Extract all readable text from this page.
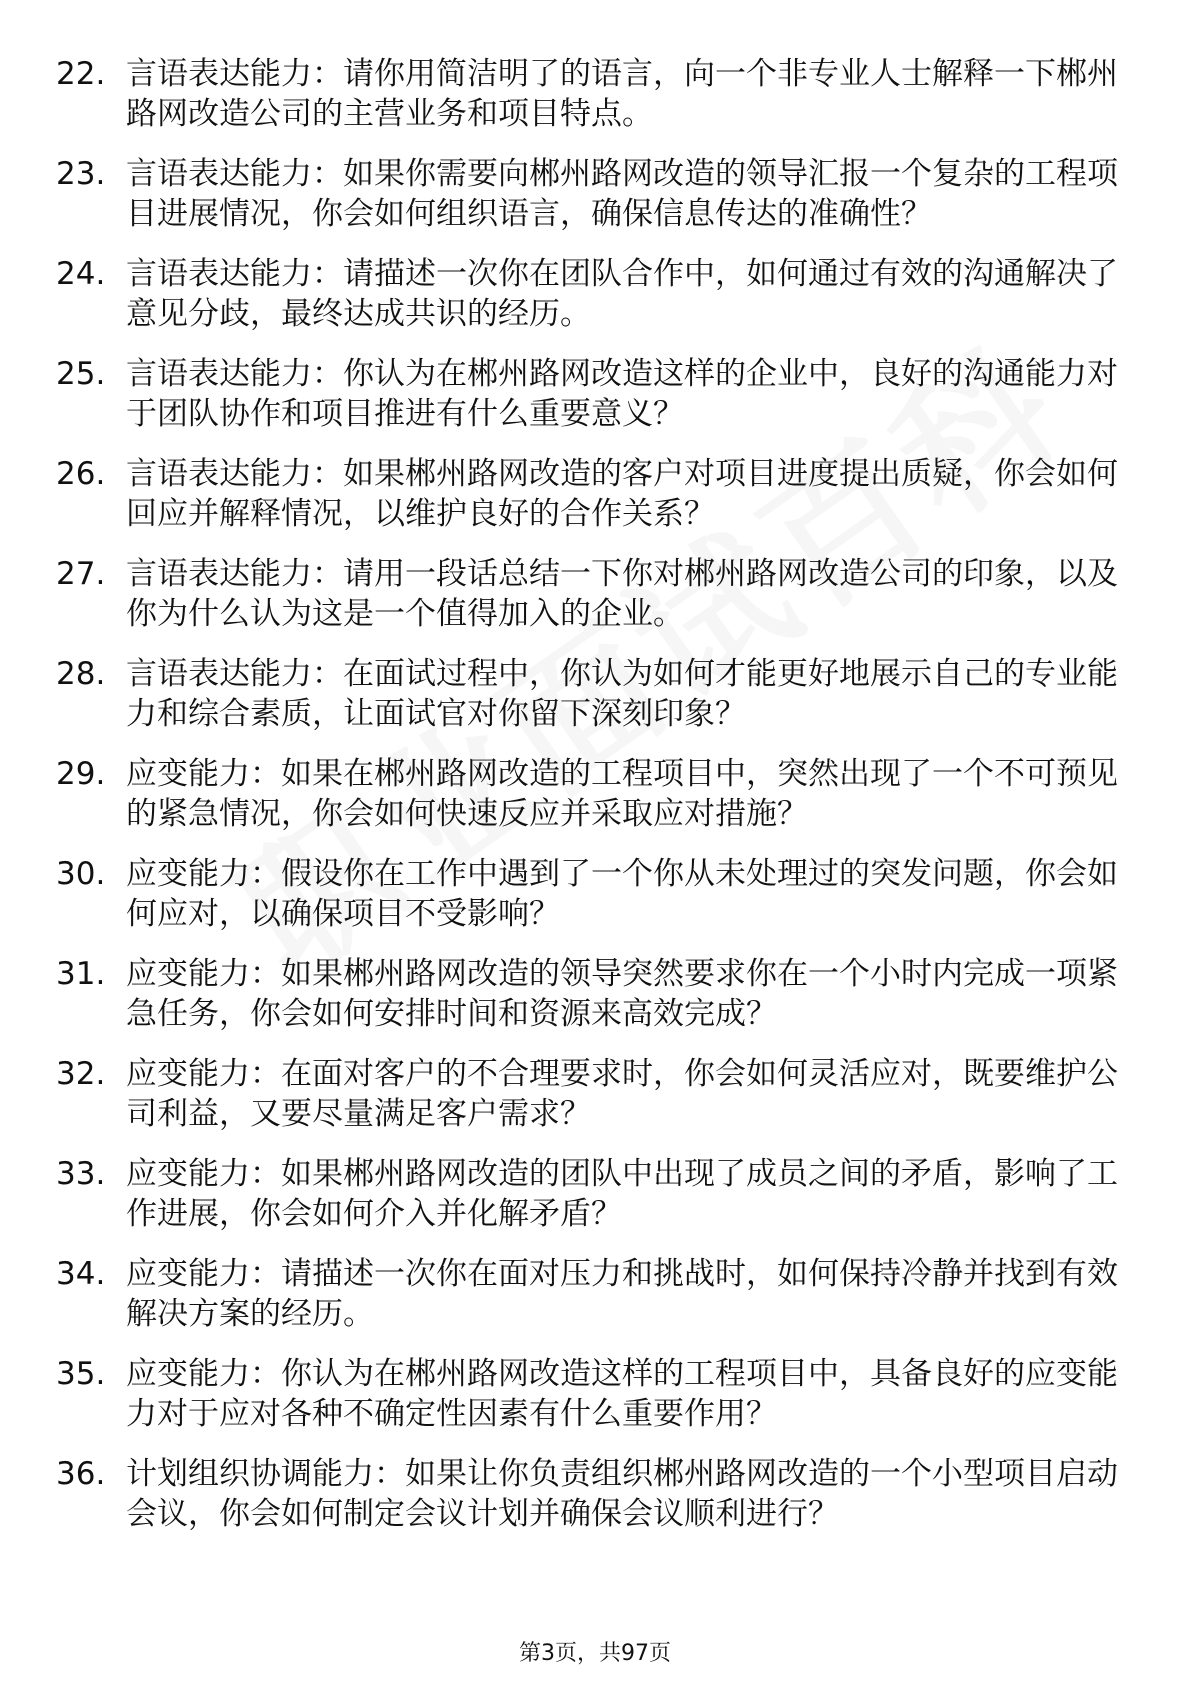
22. 言语表达能力：请你用简洁明了的语言，向一个非专业人士解释一下郴州路网改造公司的主营业务和项目特点。
23. 言语表达能力：如果你需要向郴州路网改造的领导汇报一个复杂的工程项目进展情况，你会如何组织语言，确保信息传达的准确性？
24. 言语表达能力：请描述一次你在团队合作中，如何通过有效的沟通解决了意见分歧，最终达成共识的经历。
25. 言语表达能力：你认为在郴州路网改造这样的企业中，良好的沟通能力对于团队协作和项目推进有什么重要意义？
26. 言语表达能力：如果郴州路网改造的客户对项目进度提出质疑，你会如何回应并解释情况，以维护良好的合作关系？
27. 言语表达能力：请用一段话总结一下你对郴州路网改造公司的印象，以及你为什么认为这是一个值得加入的企业。
28. 言语表达能力：在面试过程中，你认为如何才能更好地展示自己的专业能力和综合素质，让面试官对你留下深刻印象？
29. 应变能力：如果在郴州路网改造的工程项目中，突然出现了一个不可预见的紧急情况，你会如何快速反应并采取应对措施？
30. 应变能力：假设你在工作中遇到了一个你从未处理过的突发问题，你会如何应对，以确保项目不受影响？
31. 应变能力：如果郴州路网改造的领导突然要求你在一个小时内完成一项紧急任务，你会如何安排时间和资源来高效完成？
32. 应变能力：在面对客户的不合理要求时，你会如何灵活应对，既要维护公司利益，又要尽量满足客户需求？
33. 应变能力：如果郴州路网改造的团队中出现了成员之间的矛盾，影响了工作进展，你会如何介入并化解矛盾？
34. 应变能力：请描述一次你在面对压力和挑战时，如何保持冷静并找到有效解决方案的经历。
35. 应变能力：你认为在郴州路网改造这样的工程项目中，具备良好的应变能力对于应对各种不确定性因素有什么重要作用？
36. 计划组织协调能力：如果让你负责组织郴州路网改造的一个小型项目启动会议，你会如何制定会议计划并确保会议顺利进行？
第3页，共97页
